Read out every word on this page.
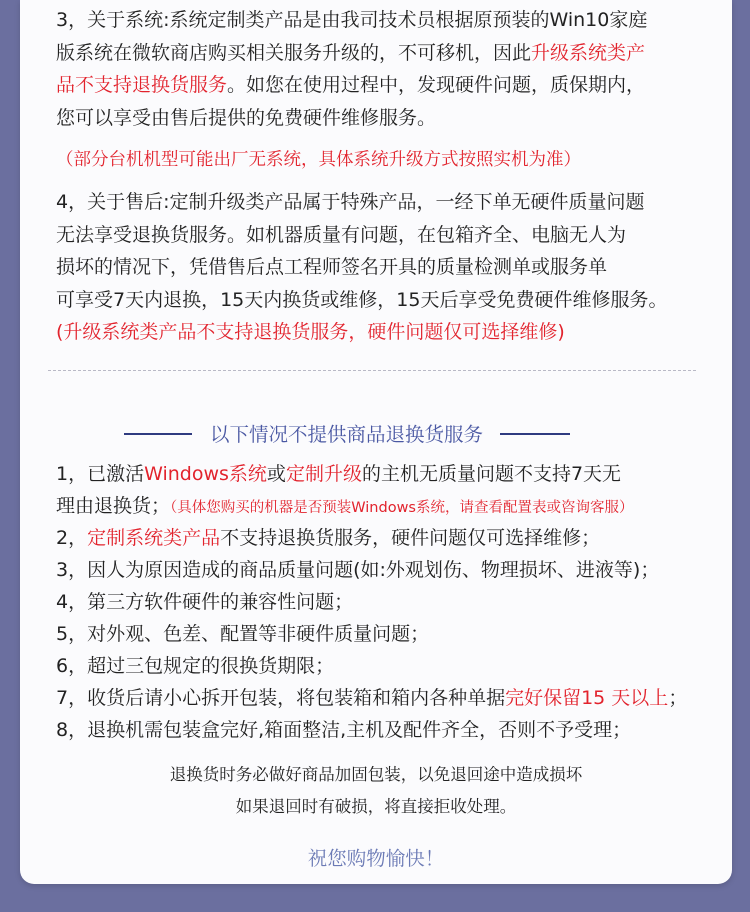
3，关于系统:系统定制类产品是由我司技术员根据原预装的Win10家庭
版系统在微软商店购买相关服务升级的，不可移机，因此升级系统类产
品不支持退换货服务。如您在使用过程中，发现硬件问题，质保期内，
您可以享受由售后提供的免费硬件维修服务。
（部分台机机型可能出厂无系统，具体系统升级方式按照实机为准）
4，关于售后:定制升级类产品属于特殊产品，一经下单无硬件质量问题
无法享受退换货服务。如机器质量有问题，在包箱齐全、电脑无人为
损坏的情况下，凭借售后点工程师签名开具的质量检测单或服务单
可享受7天内退换，15天内换货或维修，15天后享受免费硬件维修服务。
(升级系统类产品不支持退换货服务，硬件问题仅可选择维修)
以下情况不提供商品退换货服务
1，已激活Windows系统或定制升级的主机无质量问题不支持7天无
理由退换货；（具体您购买的机器是否预装Windows系统，请查看配置表或咨询客服）
2，定制系统类产品不支持退换货服务，硬件问题仅可选择维修；
3，因人为原因造成的商品质量问题(如:外观划伤、物理损坏、进液等)；
4，第三方软件硬件的兼容性问题；
5，对外观、色差、配置等非硬件质量问题；
6，超过三包规定的很换货期限；
7，收货后请小心拆开包装，将包装箱和箱内各种单据完好保留15 天以上；
8，退换机需包装盒完好,箱面整洁,主机及配件齐全，否则不予受理；
退换货时务必做好商品加固包装，以免退回途中造成损坏
如果退回时有破损，将直接拒收处理。
祝您购物愉快！
